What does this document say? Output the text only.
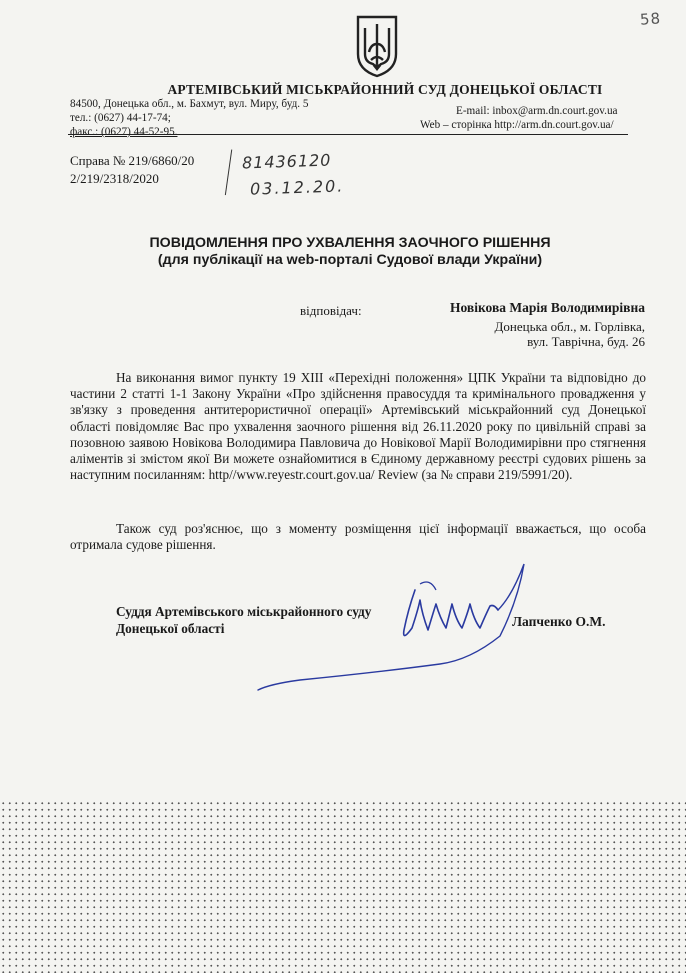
58
АРТЕМІВСЬКИЙ МІСЬКРАЙОННИЙ СУД ДОНЕЦЬКОЇ ОБЛАСТІ
84500, Донецька обл., м. Бахмут, вул. Миру, буд. 5
тел.: (0627) 44-17-74;
факс.: (0627) 44-52-95.
E-mail: inbox@arm.dn.court.gov.ua
Web – сторінка http://arm.dn.court.gov.ua/
Справа № 219/6860/20
2/219/2318/2020
81436120
03.12.20.
ПОВІДОМЛЕННЯ ПРО УХВАЛЕННЯ ЗАОЧНОГО РІШЕННЯ
(для публікації на web-порталі Судової влади України)
відповідач:	Новікова Марія Володимирівна
Донецька обл., м. Горлівка,
вул. Таврічна, буд. 26
На виконання вимог пункту 19 ХІІІ «Перехідні положення» ЦПК України та відповідно до частини 2 статті 1-1 Закону України «Про здійснення правосуддя та кримінального провадження у зв'язку з проведення антитерористичної операції» Артемівський міськрайонний суд Донецької області повідомляє Вас про ухвалення заочного рішення від 26.11.2020 року по цивільній справі за позовною заявою Новікова Володимира Павловича до Новікової Марії Володимирівни про стягнення аліментів зі змістом якої Ви можете ознайомитися в Єдиному державному реєстрі судових рішень за наступним посиланням: http//www.reyestr.court.gov.ua/ Review (за № справи 219/5991/20).
Також суд роз'яснює, що з моменту розміщення цієї інформації вважається, що особа отримала судове рішення.
Суддя Артемівського міськрайонного суду
Донецької області	Лапченко О.М.
